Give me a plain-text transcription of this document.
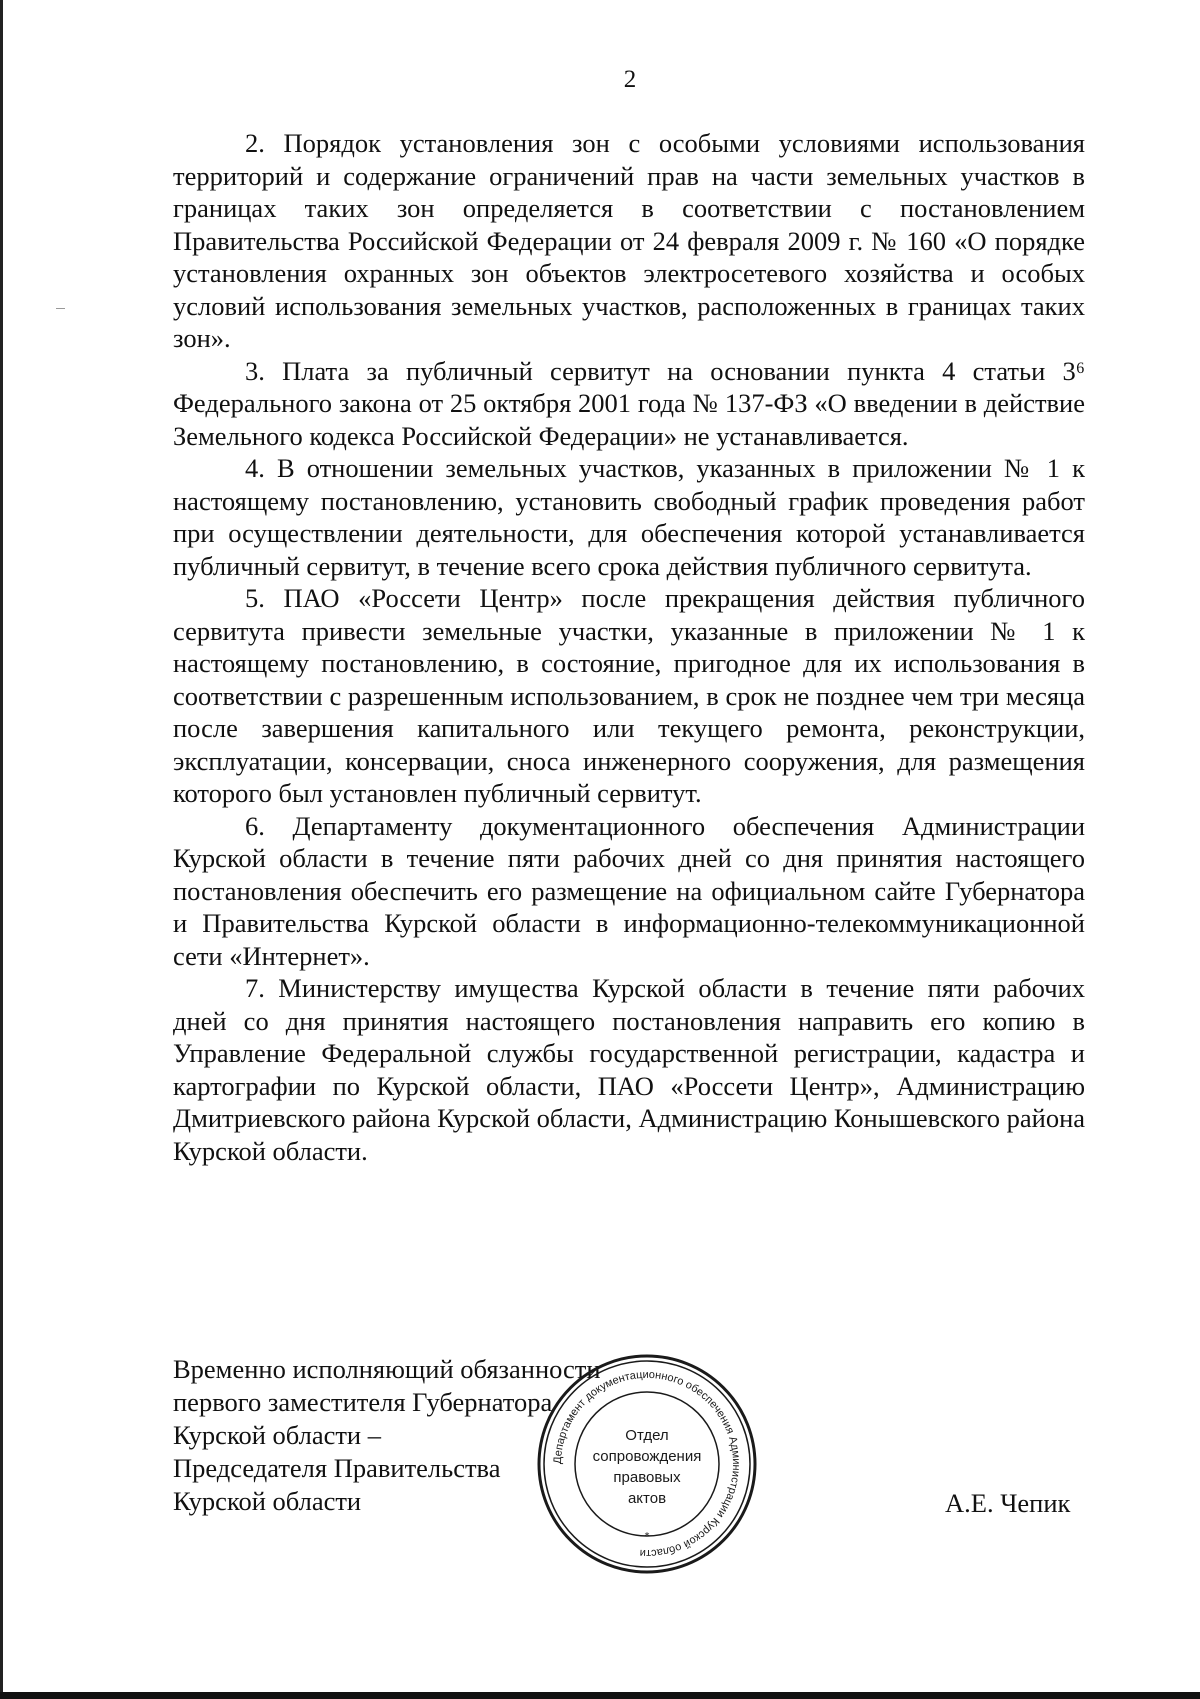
2

2. Порядок установления зон с особыми условиями использования территорий и содержание ограничений прав на части земельных участков в границах таких зон определяется в соответствии с постановлением Правительства Российской Федерации от 24 февраля 2009 г. № 160 «О порядке установления охранных зон объектов электросетевого хозяйства и особых условий использования земельных участков, расположенных в границах таких зон».

3. Плата за публичный сервитут на основании пункта 4 статьи 3⁶ Федерального закона от 25 октября 2001 года № 137-ФЗ «О введении в действие Земельного кодекса Российской Федерации» не устанавливается.

4. В отношении земельных участков, указанных в приложении № 1 к настоящему постановлению, установить свободный график проведения работ при осуществлении деятельности, для обеспечения которой устанавливается публичный сервитут, в течение всего срока действия публичного сервитута.

5. ПАО «Россети Центр» после прекращения действия публичного сервитута привести земельные участки, указанные в приложении № 1 к настоящему постановлению, в состояние, пригодное для их использования в соответствии с разрешенным использованием, в срок не позднее чем три месяца после завершения капитального или текущего ремонта, реконструкции, эксплуатации, консервации, сноса инженерного сооружения, для размещения которого был установлен публичный сервитут.

6. Департаменту документационного обеспечения Администрации Курской области в течение пяти рабочих дней со дня принятия настоящего постановления обеспечить его размещение на официальном сайте Губернатора и Правительства Курской области в информационно-телекоммуникационной сети «Интернет».

7. Министерству имущества Курской области в течение пяти рабочих дней со дня принятия настоящего постановления направить его копию в Управление Федеральной службы государственной регистрации, кадастра и картографии по Курской области, ПАО «Россети Центр», Администрацию Дмитриевского района Курской области, Администрацию Конышевского района Курской области.

Временно исполняющий обязанности
первого заместителя Губернатора
Курской области –
Председателя Правительства
Курской области	А.Е. Чепик
Департамент документационного обеспечения Администрации Курской области
*
Отдел
сопровождения
правовых
актов
